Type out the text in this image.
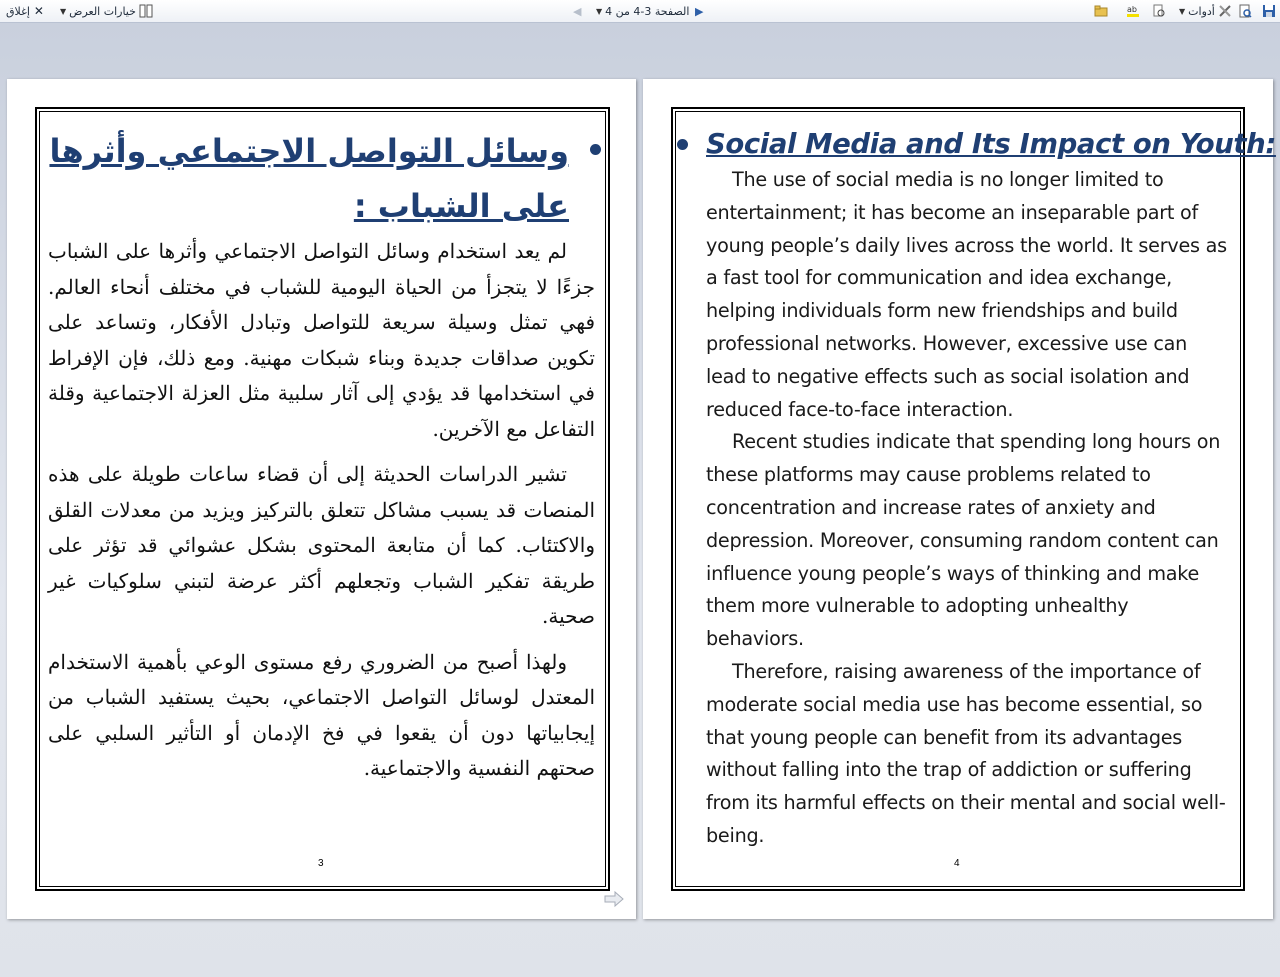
▼ أدوات
ab
▶
▼ الصفحة 3-4 من 4
◀
▼ خيارات العرض
إغلاق ✕
وسائل التواصل الاجتماعي وأثرها على الشباب :

لم يعد استخدام وسائل التواصل الاجتماعي وأثرها على الشباب جزءًا لا يتجزأ من الحياة اليومية للشباب في مختلف أنحاء العالم. فهي تمثل وسيلة سريعة للتواصل وتبادل الأفكار، وتساعد على تكوين صداقات جديدة وبناء شبكات مهنية. ومع ذلك، فإن الإفراط في استخدامها قد يؤدي إلى آثار سلبية مثل العزلة الاجتماعية وقلة التفاعل مع الآخرين.

تشير الدراسات الحديثة إلى أن قضاء ساعات طويلة على هذه المنصات قد يسبب مشاكل تتعلق بالتركيز ويزيد من معدلات القلق والاكتئاب. كما أن متابعة المحتوى بشكل عشوائي قد تؤثر على طريقة تفكير الشباب وتجعلهم أكثر عرضة لتبني سلوكيات غير صحية.

ولهذا أصبح من الضروري رفع مستوى الوعي بأهمية الاستخدام المعتدل لوسائل التواصل الاجتماعي، بحيث يستفيد الشباب من إيجابياتها دون أن يقعوا في فخ الإدمان أو التأثير السلبي على صحتهم النفسية والاجتماعية.

3
Social Media and Its Impact on Youth:

The use of social media is no longer limited to entertainment; it has become an inseparable part of young people’s daily lives across the world. It serves as a fast tool for communication and idea exchange, helping individuals form new friendships and build professional networks. However, excessive use can lead to negative effects such as social isolation and reduced face-to-face interaction.

Recent studies indicate that spending long hours on these platforms may cause problems related to concentration and increase rates of anxiety and depression. Moreover, consuming random content can influence young people’s ways of thinking and make them more vulnerable to adopting unhealthy behaviors.

Therefore, raising awareness of the importance of moderate social media use has become essential, so that young people can benefit from its advantages without falling into the trap of addiction or suffering from its harmful effects on their mental and social well-being.

4
